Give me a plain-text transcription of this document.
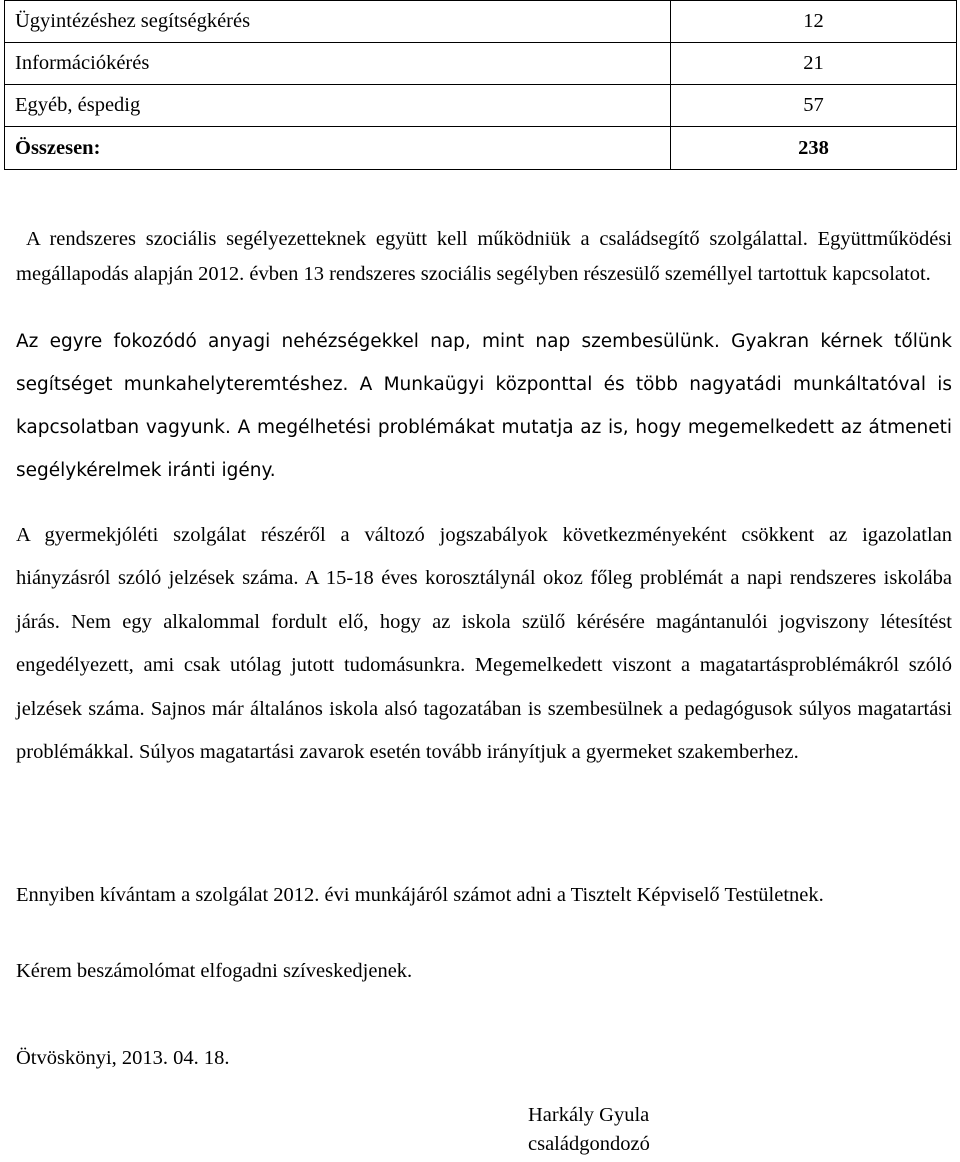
Ügyintézéshez segítségkérés	12
Információkérés	21
Egyéb, éspedig	57
Összesen:	238

A rendszeres szociális segélyezetteknek együtt kell működniük a családsegítő szolgálattal. Együttműködési megállapodás alapján 2012. évben 13 rendszeres szociális segélyben részesülő személlyel tartottuk kapcsolatot.

Az egyre fokozódó anyagi nehézségekkel nap, mint nap szembesülünk. Gyakran kérnek tőlünk segítséget munkahelyteremtéshez. A Munkaügyi központtal és több nagyatádi munkáltatóval is kapcsolatban vagyunk. A megélhetési problémákat mutatja az is, hogy megemelkedett az átmeneti segélykérelmek iránti igény.

A gyermekjóléti szolgálat részéről a változó jogszabályok következményeként csökkent az igazolatlan hiányzásról szóló jelzések száma. A 15-18 éves korosztálynál okoz főleg problémát a napi rendszeres iskolába járás. Nem egy alkalommal fordult elő, hogy az iskola szülő kérésére magántanulói jogviszony létesítést engedélyezett, ami csak utólag jutott tudomásunkra. Megemelkedett viszont a magatartásproblémákról szóló jelzések száma. Sajnos már általános iskola alsó tagozatában is szembesülnek a pedagógusok súlyos magatartási problémákkal. Súlyos magatartási zavarok esetén tovább irányítjuk a gyermeket szakemberhez.

Ennyiben kívántam a szolgálat 2012. évi munkájáról számot adni a Tisztelt Képviselő Testületnek.

Kérem beszámolómat elfogadni szíveskedjenek.

Ötvöskönyi, 2013. 04. 18.

Harkály Gyula
családgondozó
